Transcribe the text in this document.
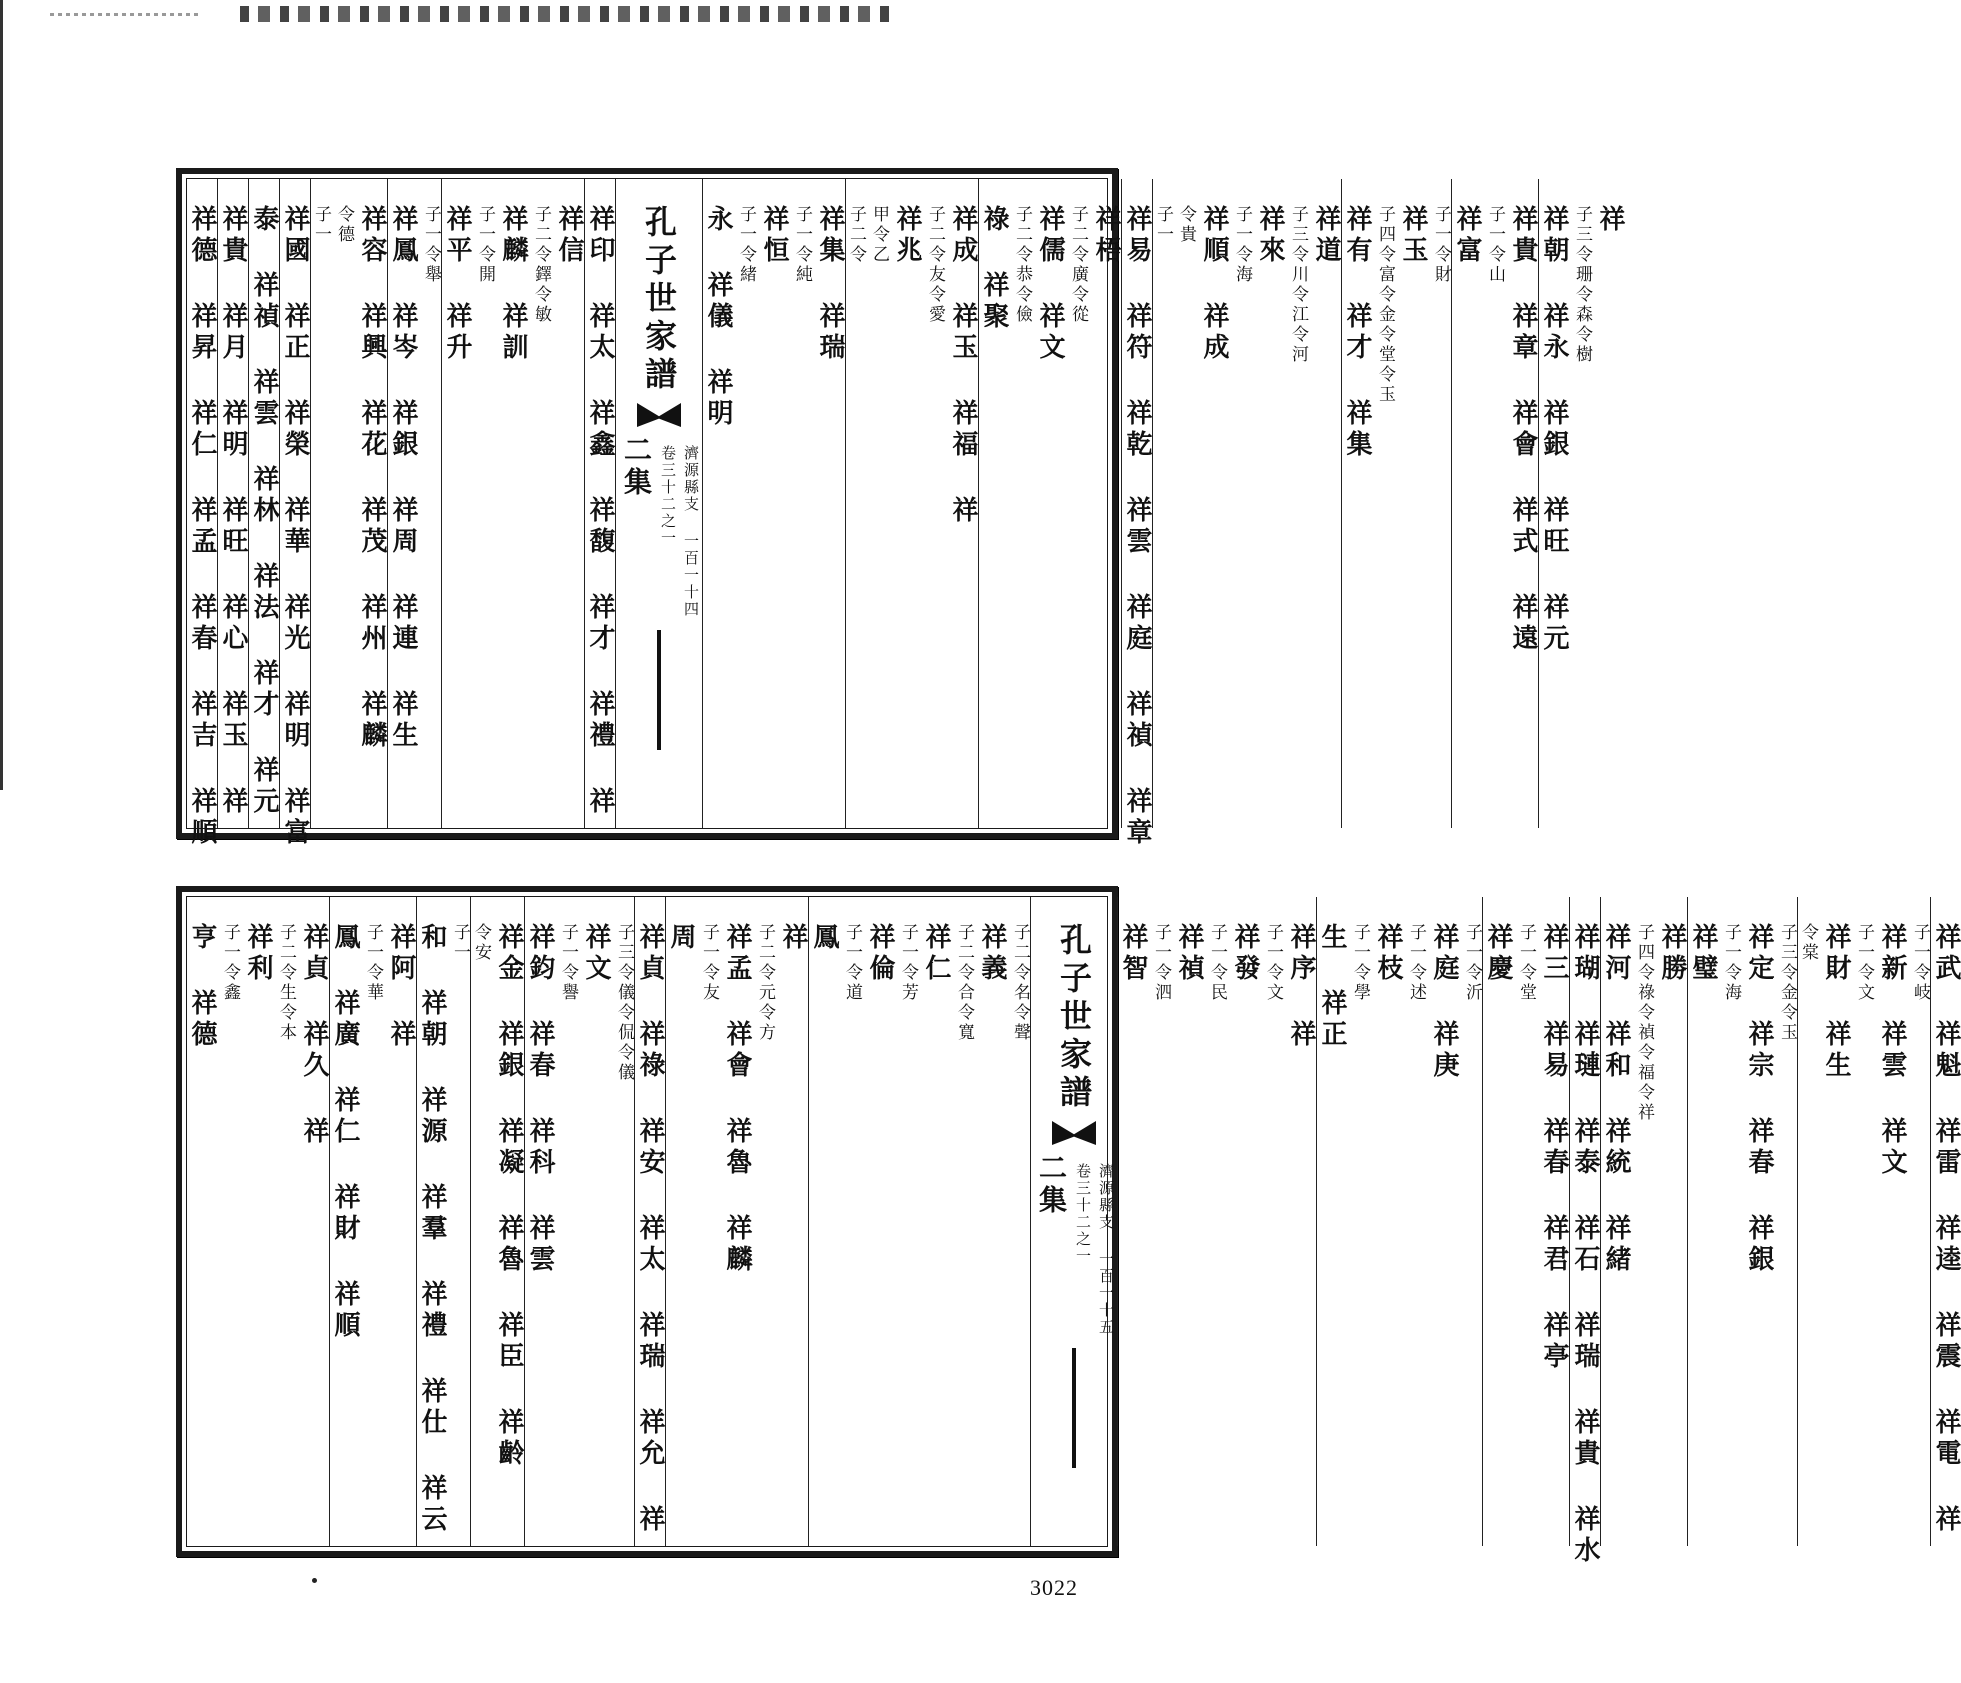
祥德 祥昇 祥仁 祥孟 祥春 祥吉 祥順 祥貴 祥月 祥明 祥旺 祥心 祥玉 祥 泰 祥禎 祥雲 祥林 祥法 祥才 祥元 祥國 祥正 祥榮 祥華 祥光 祥明 祥富 子一 令德 祥容 祥興 祥花 祥茂 祥州 祥麟 祥鳳 祥岑 祥銀 祥周 祥連 祥生 子一令舉 祥平 祥升 子一令開 祥麟 祥訓 子二令鐸令敏 祥信 祥印 祥太 祥鑫 祥馥 祥才 祥禮 祥 孔子世家譜
二集 卷三十二之一 濟源縣支 一百一十四
永 祥儀 祥明 子一令緒 祥恒 子一令純 祥集 祥瑞 子二令 甲令乙 祥兆 子二令友令愛 祥成 祥玉 祥福 祥 祿 祥聚 子二令恭令儉 祥儒 祥文 子二令廣令從 祥梧 祥易 祥符 祥乾 祥雲 祥庭 祥禎 祥章 子一 令貴 祥順 祥成 子一令海 祥來 子三令川令江令河 祥道 祥有 祥才 祥集 子四令富令金令堂令玉 祥玉 子一令財 祥富 子一令山 祥貴 祥章 祥會 祥式 祥遠 祥朝 祥永 祥銀 祥旺 祥元 子三令珊令森令樹 祥
亨 祥德 子一令鑫 祥利 子二令生令本 祥貞 祥久 祥 鳳 祥廣 祥仁 祥財 祥順 子一令華 祥阿 祥 和 祥朝 祥源 祥羣 祥禮 祥仕 祥云 子一 令安 祥金 祥銀 祥凝 祥魯 祥臣 祥齡 祥鈞 祥春 祥科 祥雲 子一令譽 祥文 子三令儀令侃令儀 祥貞 祥祿 祥安 祥太 祥瑞 祥允 祥 周 子一令友 祥孟 祥會 祥魯 祥麟 子二令元令方 祥 鳳 子一令道 祥倫 子一令芳 祥仁 子二令合令寬 祥義 子二令名令聲 孔子世家譜
二集 卷三十二之一 濟源縣支 一百一十五
祥智 子一令泗 祥禎 子一令民 祥發 子一令文 祥序 祥 生 祥正 子一令學 祥枝 子一令述 祥庭 祥庚 子一令沂 祥慶 子一令堂 祥三 祥易 祥春 祥君 祥亭 祥瑚 祥璉 祥泰 祥石 祥瑞 祥貴 祥水 祥河 祥和 祥統 祥緒 子四令祿令禎令福令祥 祥勝 祥璧 子一令海 祥定 祥宗 祥春 祥銀 子三令金令玉 令棠 祥財 祥生 子一令文 祥新 祥雲 祥文 子一令岐 祥武 祥魁 祥雷 祥逵 祥震 祥電 祥
3022
